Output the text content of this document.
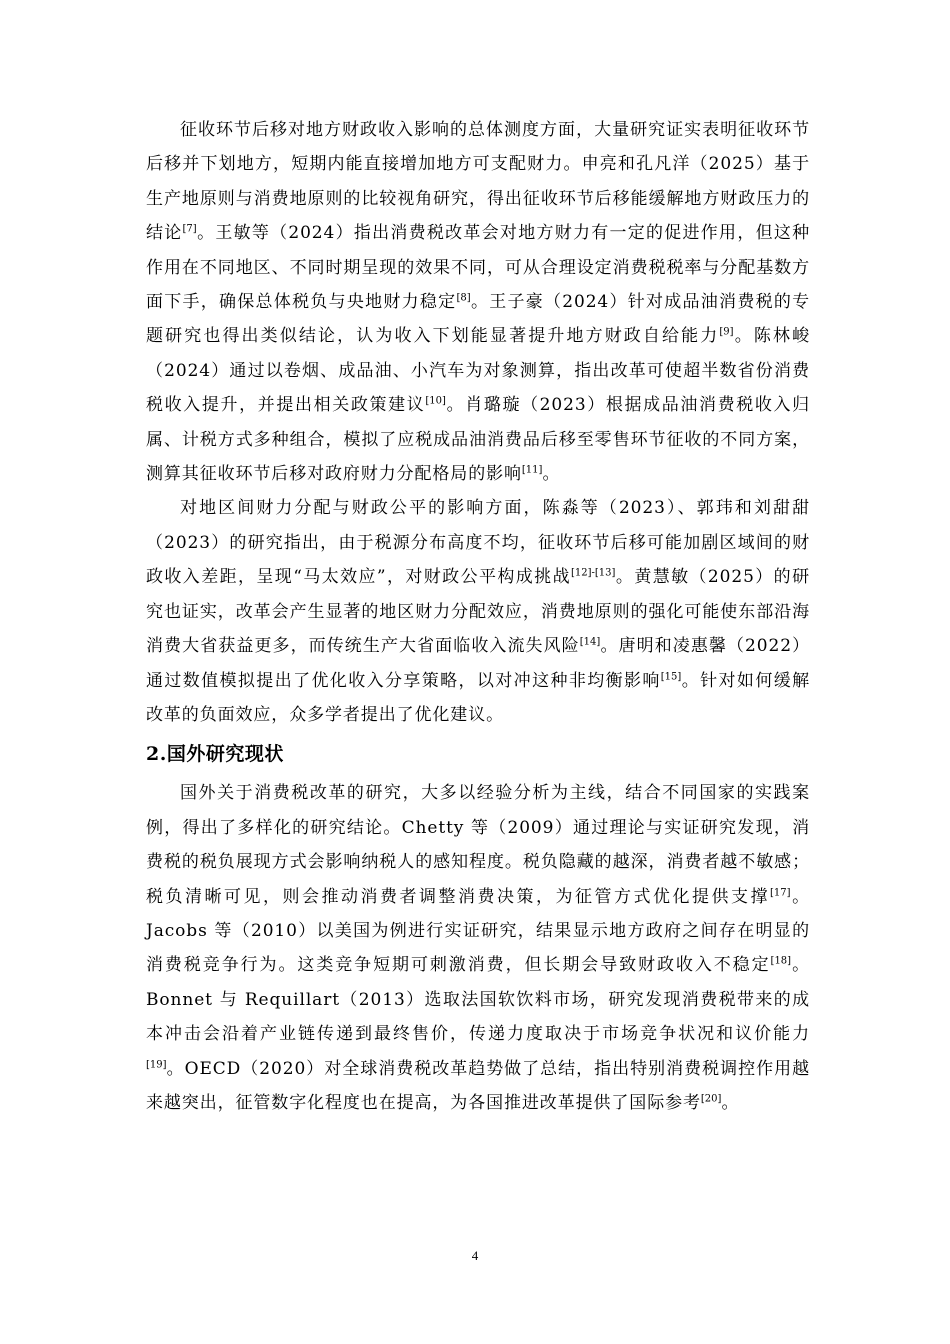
征收环节后移对地方财政收入影响的总体测度方面，大量研究证实表明征收环节后移并下划地方，短期内能直接增加地方可支配财力。申亮和孔凡洋（2025）基于生产地原则与消费地原则的比较视角研究，得出征收环节后移能缓解地方财政压力的结论[7]。王敏等（2024）指出消费税改革会对地方财力有一定的促进作用，但这种作用在不同地区、不同时期呈现的效果不同，可从合理设定消费税税率与分配基数方面下手，确保总体税负与央地财力稳定[8]。王子豪（2024）针对成品油消费税的专题研究也得出类似结论，认为收入下划能显著提升地方财政自给能力[9]。陈林峻（2024）通过以卷烟、成品油、小汽车为对象测算，指出改革可使超半数省份消费税收入提升，并提出相关政策建议[10]。肖璐璇（2023）根据成品油消费税收入归属、计税方式多种组合，模拟了应税成品油消费品后移至零售环节征收的不同方案，测算其征收环节后移对政府财力分配格局的影响[11]。

对地区间财力分配与财政公平的影响方面，陈淼等（2023）、郭玮和刘甜甜（2023）的研究指出，由于税源分布高度不均，征收环节后移可能加剧区域间的财政收入差距，呈现“马太效应”，对财政公平构成挑战[12]-[13]。黄慧敏（2025）的研究也证实，改革会产生显著的地区财力分配效应，消费地原则的强化可能使东部沿海消费大省获益更多，而传统生产大省面临收入流失风险[14]。唐明和凌惠馨（2022）通过数值模拟提出了优化收入分享策略，以对冲这种非均衡影响[15]。针对如何缓解改革的负面效应，众多学者提出了优化建议。

2.国外研究现状

国外关于消费税改革的研究，大多以经验分析为主线，结合不同国家的实践案例，得出了多样化的研究结论。Chetty 等（2009）通过理论与实证研究发现，消费税的税负展现方式会影响纳税人的感知程度。税负隐藏的越深，消费者越不敏感；税负清晰可见，则会推动消费者调整消费决策，为征管方式优化提供支撑[17]。Jacobs 等（2010）以美国为例进行实证研究，结果显示地方政府之间存在明显的消费税竞争行为。这类竞争短期可刺激消费，但长期会导致财政收入不稳定[18]。Bonnet 与 Requillart（2013）选取法国软饮料市场，研究发现消费税带来的成本冲击会沿着产业链传递到最终售价，传递力度取决于市场竞争状况和议价能力[19]。OECD（2020）对全球消费税改革趋势做了总结，指出特别消费税调控作用越来越突出，征管数字化程度也在提高，为各国推进改革提供了国际参考[20]。

4
